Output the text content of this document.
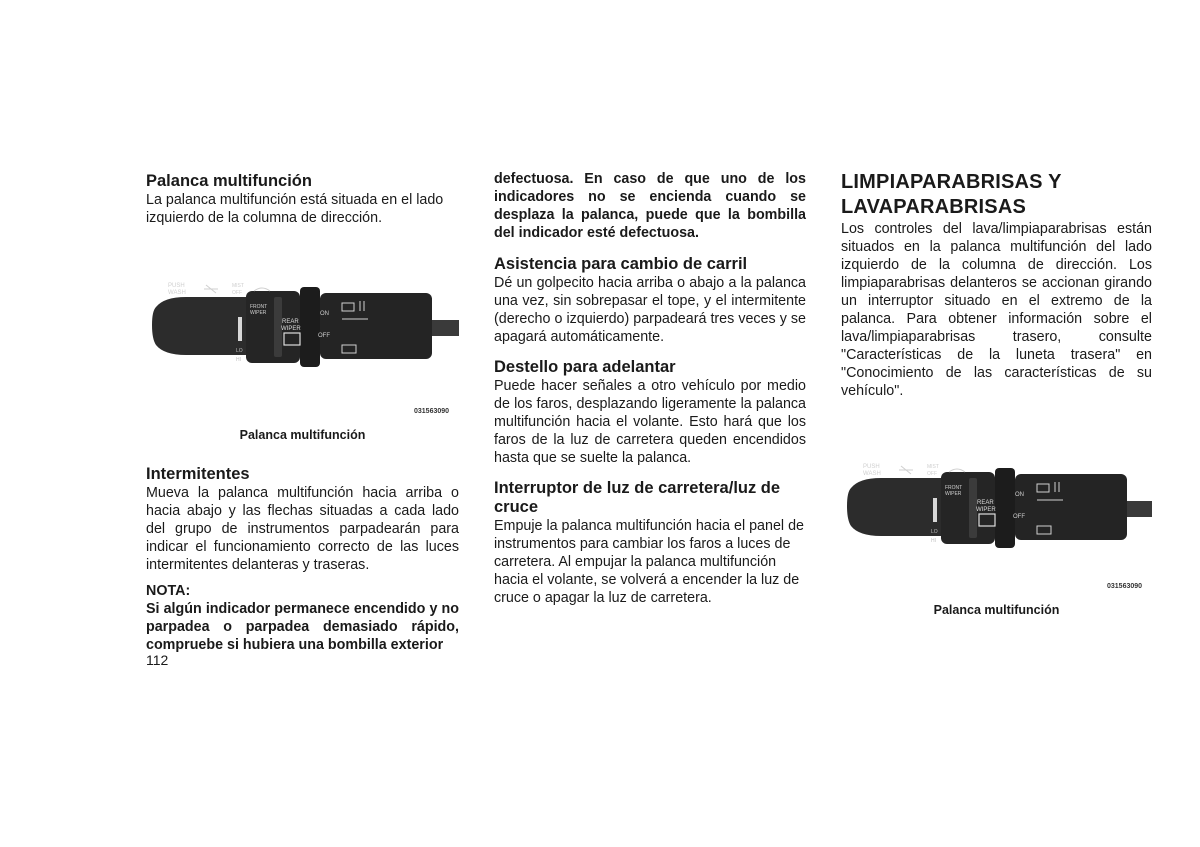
Palanca multifunción

La palanca multifunción está situada en el lado izquierdo de la columna de dirección.

PUSH
WASH
MIST
OFF
FRONT
WIPER
REAR
WIPER
ON
OFF
LO
HI
031563090
Palanca multifunción
Intermitentes

Mueva la palanca multifunción hacia arriba o hacia abajo y las flechas situadas a cada lado del grupo de instrumentos parpadearán para indicar el funcionamiento correcto de las luces intermitentes delanteras y traseras.

NOTA:

Si algún indicador permanece encendido y no parpadea o parpadea demasiado rápido, compruebe si hubiera una bombilla exterior

defectuosa. En caso de que uno de los indicadores no se encienda cuando se desplaza la palanca, puede que la bombilla del indicador esté defectuosa.

Asistencia para cambio de carril

Dé un golpecito hacia arriba o abajo a la palanca una vez, sin sobrepasar el tope, y el intermitente (derecho o izquierdo) parpadeará tres veces y se apagará automáticamente.

Destello para adelantar

Puede hacer señales a otro vehículo por medio de los faros, desplazando ligeramente la palanca multifunción hacia el volante. Esto hará que los faros de la luz de carretera queden encendidos hasta que se suelte la palanca.

Interruptor de luz de carretera/luz de cruce

Empuje la palanca multifunción hacia el panel de instrumentos para cambiar los faros a luces de carretera. Al empujar la palanca multifunción hacia el volante, se volverá a encender la luz de cruce o apagar la luz de carretera.

LIMPIAPARABRISAS Y
LAVAPARABRISAS

Los controles del lava/limpiaparabrisas están situados en la palanca multifunción del lado izquierdo de la columna de dirección. Los limpiaparabrisas delanteros se accionan girando un interruptor situado en el extremo de la palanca. Para obtener información sobre el lava/limpiaparabrisas trasero, consulte "Características de la luneta trasera" en "Conocimiento de las características de su vehículo".

PUSH
WASH
MIST
OFF
FRONT
WIPER
REAR
WIPER
ON
OFF
LO
HI
031563090
Palanca multifunción
112
